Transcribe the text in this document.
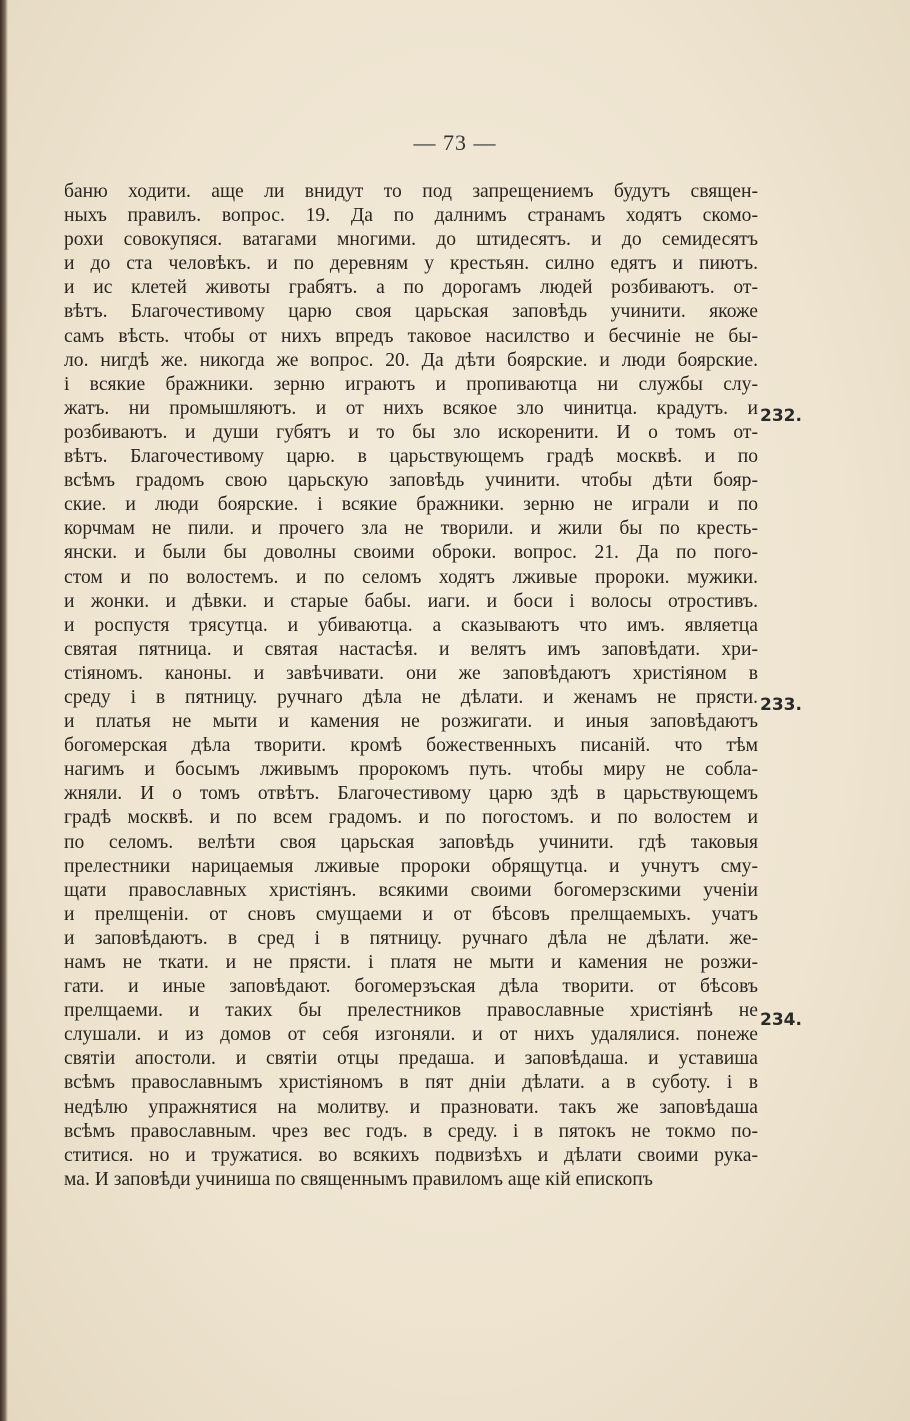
— 73 —
баню ходити. аще ли внидут то под запрещениемъ будутъ священ-
ныхъ правилъ. вопрос. 19. Да по далнимъ странамъ ходятъ скомо-
рохи совокупяся. ватагами многими. до штидесятъ. и до семидесятъ
и до ста человѣкъ. и по деревням у крестьян. силно едятъ и пиютъ.
и ис клетей животы грабятъ. а по дорогамъ людей розбиваютъ. от-
вѣтъ. Благочестивому царю своя царьская заповѣдь учинити. якоже
самъ вѣсть. чтобы от нихъ впредъ таковое насилство и бесчиніе не бы-
ло. нигдѣ же. никогда же вопрос. 20. Да дѣти боярские. и люди боярские.
і всякие бражники. зерню играютъ и пропиваютца ни службы слу-
жатъ. ни промышляютъ. и от нихъ всякое зло чинитца. крадутъ. и
розбиваютъ. и души губятъ и то бы зло искоренити. И о томъ от-
вѣтъ. Благочестивому царю. в царьствующемъ градѣ москвѣ. и по
всѣмъ градомъ свою царьскую заповѣдь учинити. чтобы дѣти бояр-
ские. и люди боярские. і всякие бражники. зерню не играли и по
корчмам не пили. и прочего зла не творили. и жили бы по кресть-
янски. и были бы доволны своими оброки. вопрос. 21. Да по пого-
стом и по волостемъ. и по селомъ ходятъ лживые пророки. мужики.
и жонки. и дѣвки. и старые бабы. иаги. и боси і волосы отростивъ.
и роспустя трясутца. и убиваютца. а сказываютъ что имъ. являетца
святая пятница. и святая настасѣя. и велятъ имъ заповѣдати. хри-
стіяномъ. каноны. и завѣчивати. они же заповѣдаютъ христіяном в
среду і в пятницу. ручнаго дѣла не дѣлати. и женамъ не прясти.
и платья не мыти и камения не розжигати. и иныя заповѣдаютъ
богомерская дѣла творити. кромѣ божественныхъ писаній. что тѣм
нагимъ и босымъ лживымъ пророкомъ путь. чтобы миру не собла-
жняли. И о томъ отвѣтъ. Благочестивому царю здѣ в царьствующемъ
градѣ москвѣ. и по всем градомъ. и по погостомъ. и по волостем и
по селомъ. велѣти своя царьская заповѣдь учинити. гдѣ таковыя
прелестники нарицаемыя лживые пророки обрящутца. и учнутъ сму-
щати православных христіянъ. всякими своими богомерзскими ученіи
и прелщеніи. от сновъ смущаеми и от бѣсовъ прелщаемыхъ. учатъ
и заповѣдаютъ. в сред і в пятницу. ручнаго дѣла не дѣлати. же-
намъ не ткати. и не прясти. і платя не мыти и камения не розжи-
гати. и иные заповѣдают. богомерзъская дѣла творити. от бѣсовъ
прелщаеми. и таких бы прелестников православные христіянѣ не
слушали. и из домов от себя изгоняли. и от нихъ удалялися. понеже
святіи апостоли. и святіи отцы предаша. и заповѣдаша. и уставиша
всѣмъ православнымъ христіяномъ в пят дніи дѣлати. а в суботу. і в
недѣлю упражнятися на молитву. и празновати. такъ же заповѣдаша
всѣмъ православным. чрез вес годъ. в среду. і в пятокъ не токмо по-
ститися. но и тружатися. во всякихъ подвизѣхъ и дѣлати своими рука-
ма. И заповѣди учиниша по священнымъ правиломъ аще кій епископъ
232.
233.
234.
